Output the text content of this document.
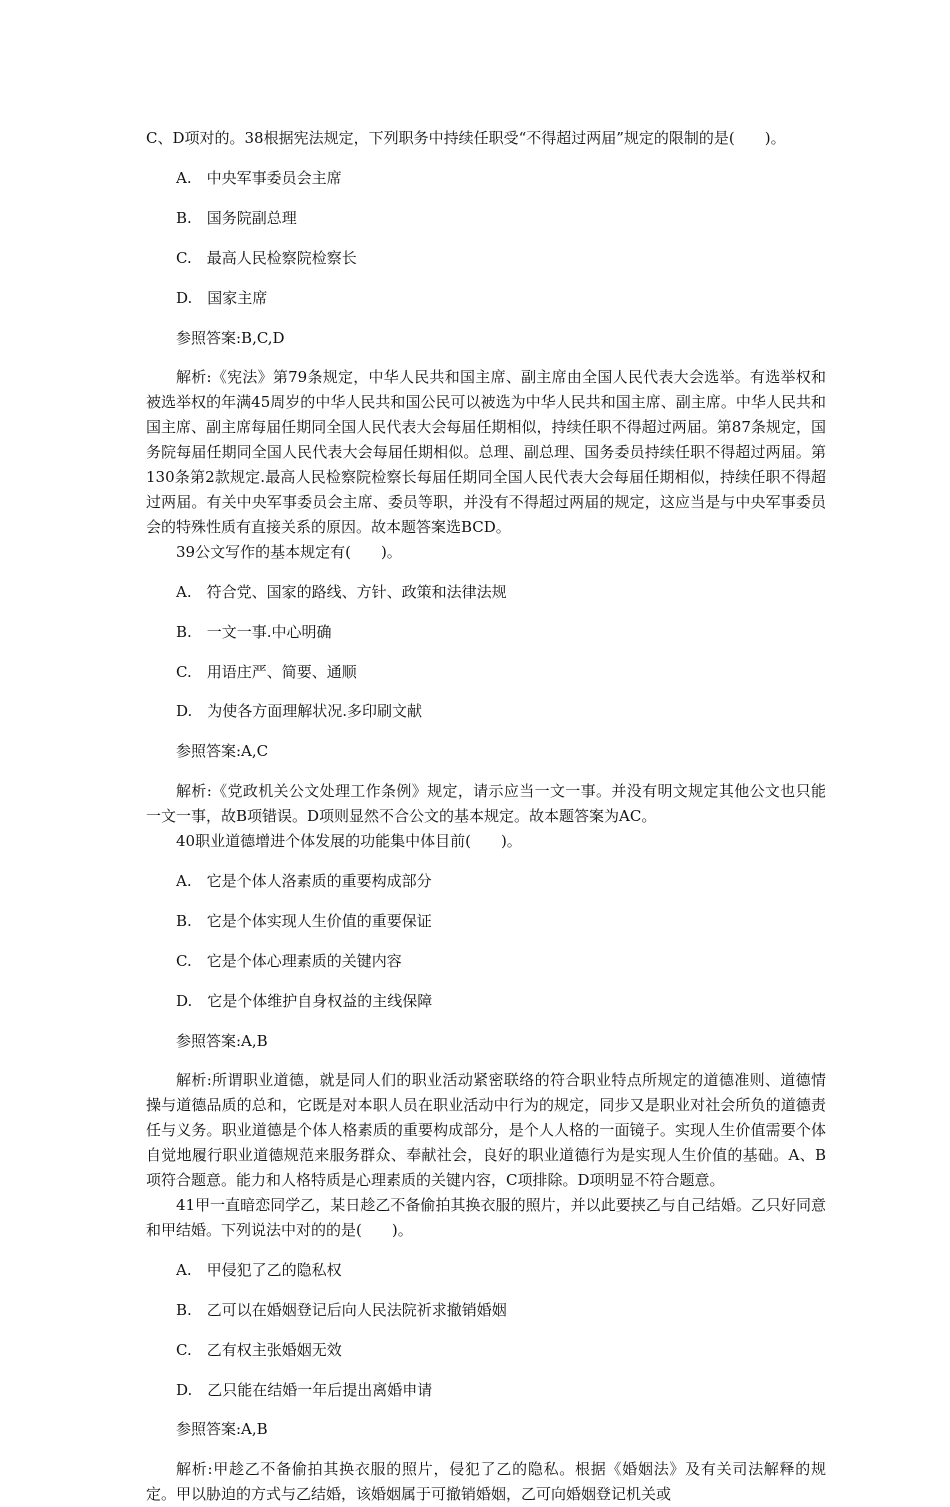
C、D项对的。38根据宪法规定，下列职务中持续任职受“不得超过两届”规定的限制的是(　　)。

A.　中央军事委员会主席

B.　国务院副总理

C.　最高人民检察院检察长

D.　国家主席

参照答案:B,C,D

解析:《宪法》第79条规定，中华人民共和国主席、副主席由全国人民代表大会选举。有选举权和被选举权的年满45周岁的中华人民共和国公民可以被选为中华人民共和国主席、副主席。中华人民共和国主席、副主席每届任期同全国人民代表大会每届任期相似，持续任职不得超过两届。第87条规定，国务院每届任期同全国人民代表大会每届任期相似。总理、副总理、国务委员持续任职不得超过两届。第130条第2款规定.最高人民检察院检察长每届任期同全国人民代表大会每届任期相似，持续任职不得超过两届。有关中央军事委员会主席、委员等职，并没有不得超过两届的规定，这应当是与中央军事委员会的特殊性质有直接关系的原因。故本题答案选BCD。

39公文写作的基本规定有(　　)。

A.　符合党、国家的路线、方针、政策和法律法规

B.　一文一事.中心明确

C.　用语庄严、简要、通顺

D.　为使各方面理解状况.多印刷文献

参照答案:A,C

解析:《党政机关公文处理工作条例》规定，请示应当一文一事。并没有明文规定其他公文也只能一文一事，故B项错误。D项则显然不合公文的基本规定。故本题答案为AC。

40职业道德增进个体发展的功能集中体目前(　　)。

A.　它是个体人洛素质的重要构成部分

B.　它是个体实现人生价值的重要保证

C.　它是个体心理素质的关键内容

D.　它是个体维护自身权益的主线保障

参照答案:A,B

解析:所谓职业道德，就是同人们的职业活动紧密联络的符合职业特点所规定的道德准则、道德情操与道德品质的总和，它既是对本职人员在职业活动中行为的规定，同步又是职业对社会所负的道德责 任与义务。职业道德是个体人格素质的重要构成部分，是个人人格的一面镜子。实现人生价值需要个体自觉地履行职业道德规范来服务群众、奉献社会，良好的职业道德行为是实现人生价值的基础。A、B项符合题意。能力和人格特质是心理素质的关键内容，C项排除。D项明显不符合题意。

41甲一直暗恋同学乙，某日趁乙不备偷拍其换衣服的照片，并以此要挟乙与自己结婚。乙只好同意和甲结婚。下列说法中对的的是(　　)。

A.　甲侵犯了乙的隐私权

B.　乙可以在婚姻登记后向人民法院祈求撤销婚姻

C.　乙有权主张婚姻无效

D.　乙只能在结婚一年后提出离婚申请

参照答案:A,B

解析:甲趁乙不备偷拍其换衣服的照片，侵犯了乙的隐私。根据《婚姻法》及有关司法解释的规定。甲以胁迫的方式与乙结婚，该婚姻属于可撤销婚姻，乙可向婚姻登记机关或
